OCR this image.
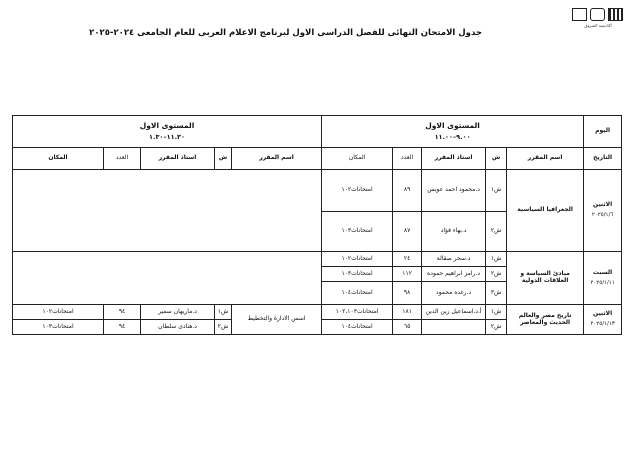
أكاديمية الشروق
جدول الامتحان النهائى للفصل الدراسى الاول لبرنامج الاعلام العربى للعام الجامعى ٢٠٢٤-٢٠٢٥
اليوم	المستوى الاول
٩.٠٠–١١.٠٠					المستوى الاول
١١.٣٠–١.٣٠				

التاريخ	اسم المقرر	ش	استاذ المقرر	العدد	المكان	اسم المقرر	ش	استاذ المقرر	العدد	المكان
الاثنين
٢٠٢٥/١/٦	الجغرافيا السياسية	ش١	د.محمود احمد عويس	٨٩	امتحانات١٠٢					
		ش٢	د.بهاء فؤاد	٨٧	امتحانات١٠٣					
السبت
٢٠٢٥/١/١١	مبادئ السياسة و العلاقات الدولية	ش١	د.سحر صقالة	٢٤	امتحانات١٠٢					
		ش٢	د.رامز ابراهيم حموده	١١٢	امتحانات١٠٣					
		ش٣	د.رغده محمود	٩٨	امتحانات١٠٤					
الاثنين
٢٠٢٥/١/١٣	تاريخ مصر والعالم الحديث والمعاصر	ش١	أ.د.اسماعيل زين الدين	١٨١	امتحانات١٠٢،١٠٣	اسس الادارة والتخطيط	ش١	د.ماريهان سمير	٩٤	امتحانات١٠٢
		ش٢		٦٥	امتحانات١٠٤		ش٢	د.هنادى سلطان	٩٤	امتحانات١٠٣
